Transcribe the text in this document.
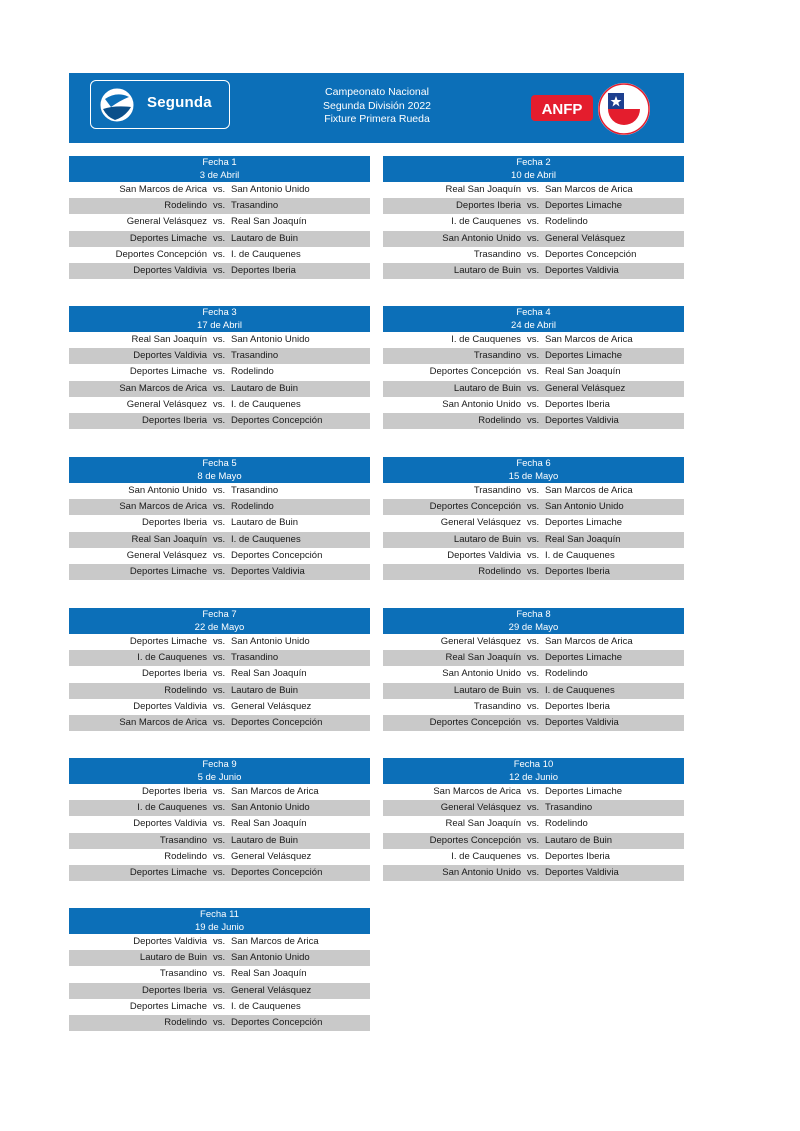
Segunda
Campeonato Nacional
Segunda División 2022
Fixture Primera Rueda
ANFP
Fecha 1
3 de Abril
San Marcos de Arica vs. San Antonio Unido
Rodelindo vs. Trasandino
General Velásquez vs. Real San Joaquín
Deportes Limache vs. Lautaro de Buin
Deportes Concepción vs. I. de Cauquenes
Deportes Valdivia vs. Deportes Iberia
Fecha 2
10 de Abril
Real San Joaquín vs. San Marcos de Arica
Deportes Iberia vs. Deportes Limache
I. de Cauquenes vs. Rodelindo
San Antonio Unido vs. General Velásquez
Trasandino vs. Deportes Concepción
Lautaro de Buin vs. Deportes Valdivia
Fecha 3
17 de Abril
Real San Joaquín vs. San Antonio Unido
Deportes Valdivia vs. Trasandino
Deportes Limache vs. Rodelindo
San Marcos de Arica vs. Lautaro de Buin
General Velásquez vs. I. de Cauquenes
Deportes Iberia vs. Deportes Concepción
Fecha 4
24 de Abril
I. de Cauquenes vs. San Marcos de Arica
Trasandino vs. Deportes Limache
Deportes Concepción vs. Real San Joaquín
Lautaro de Buin vs. General Velásquez
San Antonio Unido vs. Deportes Iberia
Rodelindo vs. Deportes Valdivia
Fecha 5
8 de Mayo
San Antonio Unido vs. Trasandino
San Marcos de Arica vs. Rodelindo
Deportes Iberia vs. Lautaro de Buin
Real San Joaquín vs. I. de Cauquenes
General Velásquez vs. Deportes Concepción
Deportes Limache vs. Deportes Valdivia
Fecha 6
15 de Mayo
Trasandino vs. San Marcos de Arica
Deportes Concepción vs. San Antonio Unido
General Velásquez vs. Deportes Limache
Lautaro de Buin vs. Real San Joaquín
Deportes Valdivia vs. I. de Cauquenes
Rodelindo vs. Deportes Iberia
Fecha 7
22 de Mayo
Deportes Limache vs. San Antonio Unido
I. de Cauquenes vs. Trasandino
Deportes Iberia vs. Real San Joaquín
Rodelindo vs. Lautaro de Buin
Deportes Valdivia vs. General Velásquez
San Marcos de Arica vs. Deportes Concepción
Fecha 8
29 de Mayo
General Velásquez vs. San Marcos de Arica
Real San Joaquín vs. Deportes Limache
San Antonio Unido vs. Rodelindo
Lautaro de Buin vs. I. de Cauquenes
Trasandino vs. Deportes Iberia
Deportes Concepción vs. Deportes Valdivia
Fecha 9
5 de Junio
Deportes Iberia vs. San Marcos de Arica
I. de Cauquenes vs. San Antonio Unido
Deportes Valdivia vs. Real San Joaquín
Trasandino vs. Lautaro de Buin
Rodelindo vs. General Velásquez
Deportes Limache vs. Deportes Concepción
Fecha 10
12 de Junio
San Marcos de Arica vs. Deportes Limache
General Velásquez vs. Trasandino
Real San Joaquín vs. Rodelindo
Deportes Concepción vs. Lautaro de Buin
I. de Cauquenes vs. Deportes Iberia
San Antonio Unido vs. Deportes Valdivia
Fecha 11
19 de Junio
Deportes Valdivia vs. San Marcos de Arica
Lautaro de Buin vs. San Antonio Unido
Trasandino vs. Real San Joaquín
Deportes Iberia vs. General Velásquez
Deportes Limache vs. I. de Cauquenes
Rodelindo vs. Deportes Concepción
